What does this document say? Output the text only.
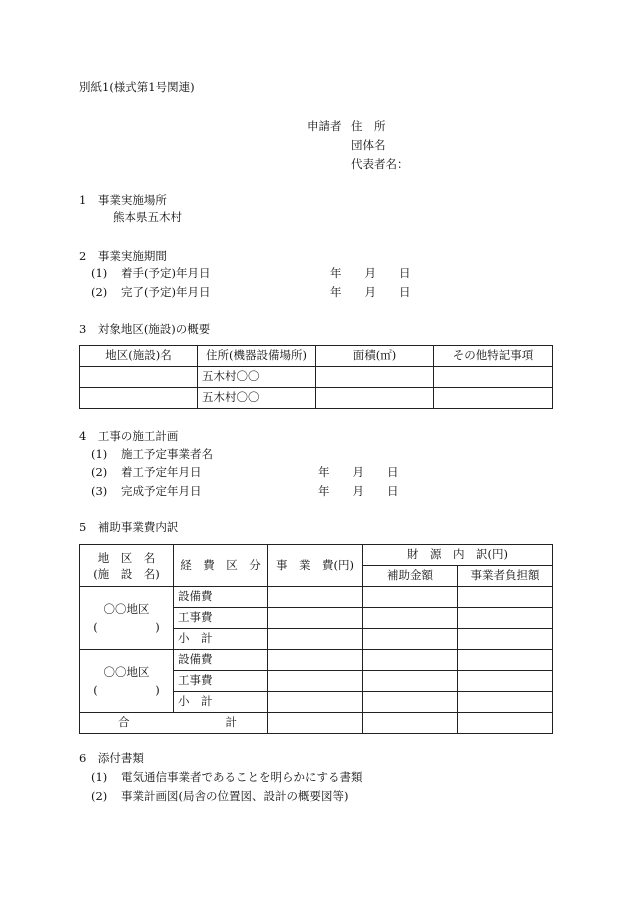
別紙1(様式第1号関連)
申請者 住　所
団体名
代表者名：
1　事業実施場所
熊本県五木村
2　事業実施期間
(1) 着手(予定)年月日	年　　月　　日
(2) 完了(予定)年月日	年　　月　　日
3　対象地区(施設)の概要
地区(施設)名	住所(機器設備場所)	面積(㎡)	その他特記事項
	五木村〇〇		
	五木村〇〇		
4　工事の施工計画
(1) 施工予定事業者名
(2) 着工予定年月日	年　　月　　日
(3) 完成予定年月日	年　　月　　日
5　補助事業費内訳
地　区　名
(施　設　名)	経　費　区　分	事　業　費(円)	財　源　内　訳(円)	
			補助金額	事業者負担額

〇〇地区
(　　　　　)	設備費			
	工事費			
	小　計			

〇〇地区
(　　　　　)	設備費			
	工事費			
	小　計			

合 計				

6　添付書類
(1) 電気通信事業者であることを明らかにする書類
(2) 事業計画図(局舎の位置図、設計の概要図等)
